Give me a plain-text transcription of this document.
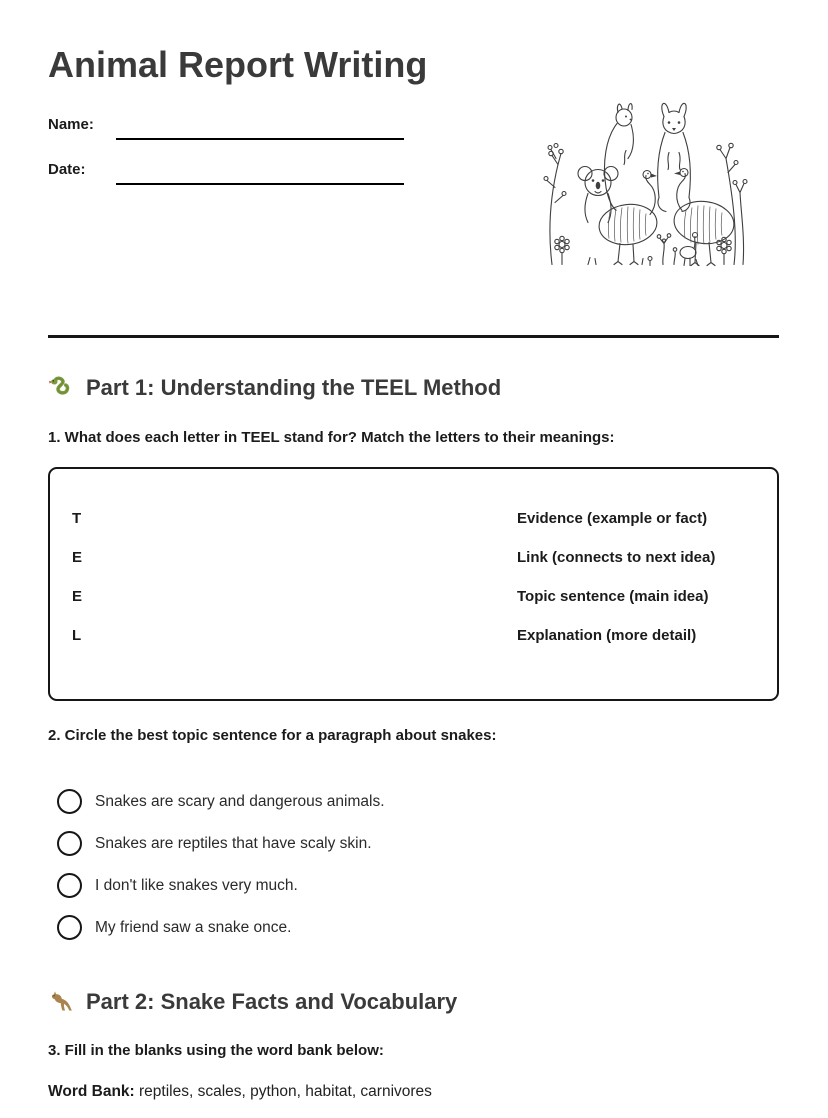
Animal Report Writing
Name:
Date:
Part 1: Understanding the TEEL Method
1. What does each letter in TEEL stand for? Match the letters to their meanings:
T	Evidence (example or fact)
E	Link (connects to next idea)
E	Topic sentence (main idea)
L	Explanation (more detail)
2. Circle the best topic sentence for a paragraph about snakes:
Snakes are scary and dangerous animals.
Snakes are reptiles that have scaly skin.
I don't like snakes very much.
My friend saw a snake once.
Part 2: Snake Facts and Vocabulary
3. Fill in the blanks using the word bank below:
Word Bank: reptiles, scales, python, habitat, carnivores
